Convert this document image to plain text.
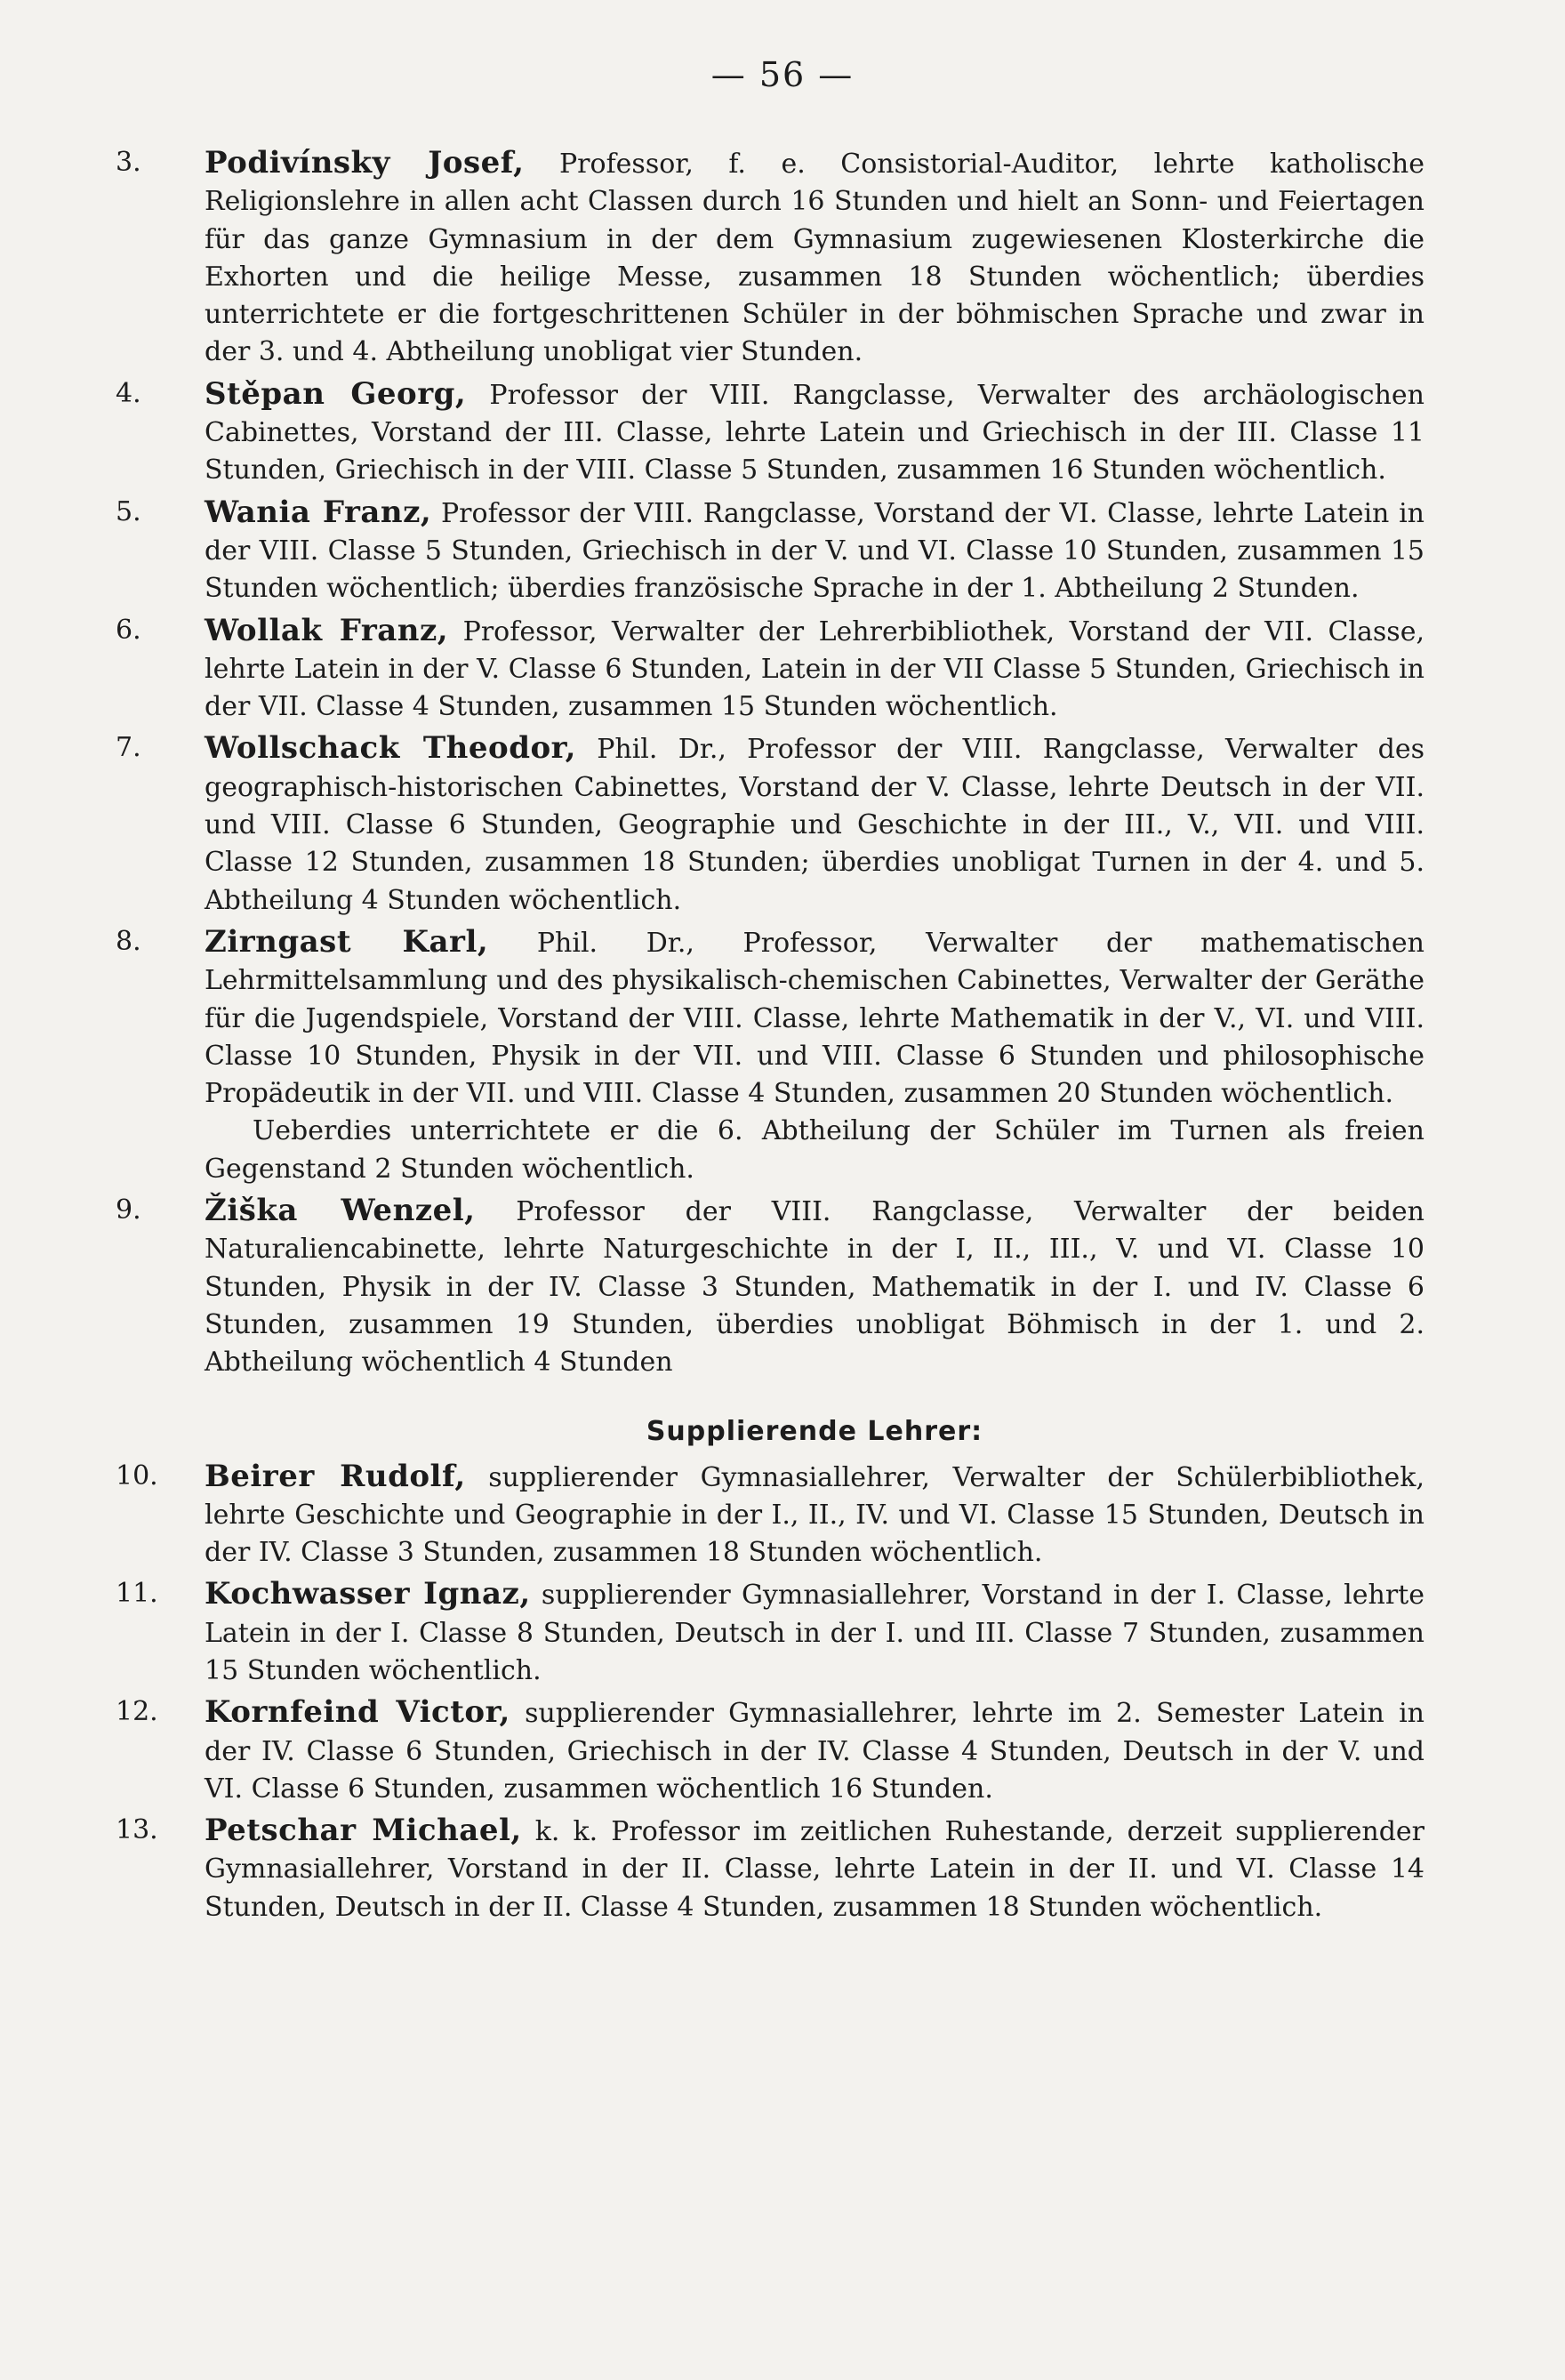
— 56 —
3.	Podivínsky Josef, Professor, f. e. Consistorial-Auditor, lehrte katholische Religionslehre in allen acht Classen durch 16 Stunden und hielt an Sonn- und Feiertagen für das ganze Gymnasium in der dem Gymnasium zugewiesenen Klosterkirche die Exhorten und die heilige Messe, zusammen 18 Stunden wöchentlich; überdies unterrichtete er die fortgeschrittenen Schüler in der böhmischen Sprache und zwar in der 3. und 4. Abtheilung unobligat vier Stunden.
4.	Stěpan Georg, Professor der VIII. Rangclasse, Verwalter des archäologischen Cabinettes, Vorstand der III. Classe, lehrte Latein und Griechisch in der III. Classe 11 Stunden, Griechisch in der VIII. Classe 5 Stunden, zusammen 16 Stunden wöchentlich.
5.	Wania Franz, Professor der VIII. Rangclasse, Vorstand der VI. Classe, lehrte Latein in der VIII. Classe 5 Stunden, Griechisch in der V. und VI. Classe 10 Stunden, zusammen 15 Stunden wöchentlich; überdies französische Sprache in der 1. Abtheilung 2 Stunden.
6.	Wollak Franz, Professor, Verwalter der Lehrerbibliothek, Vorstand der VII. Classe, lehrte Latein in der V. Classe 6 Stunden, Latein in der VII Classe 5 Stunden, Griechisch in der VII. Classe 4 Stunden, zusammen 15 Stunden wöchentlich.
7.	Wollschack Theodor, Phil. Dr., Professor der VIII. Rangclasse, Verwalter des geographisch-historischen Cabinettes, Vorstand der V. Classe, lehrte Deutsch in der VII. und VIII. Classe 6 Stunden, Geographie und Geschichte in der III., V., VII. und VIII. Classe 12 Stunden, zusammen 18 Stunden; überdies unobligat Turnen in der 4. und 5. Abtheilung 4 Stunden wöchentlich.
8.	Zirngast Karl, Phil. Dr., Professor, Verwalter der mathematischen Lehrmittelsammlung und des physikalisch-chemischen Cabinettes, Verwalter der Geräthe für die Jugendspiele, Vorstand der VIII. Classe, lehrte Mathematik in der V., VI. und VIII. Classe 10 Stunden, Physik in der VII. und VIII. Classe 6 Stunden und philosophische Propädeutik in der VII. und VIII. Classe 4 Stunden, zusammen 20 Stunden wöchentlich.
Ueberdies unterrichtete er die 6. Abtheilung der Schüler im Turnen als freien Gegenstand 2 Stunden wöchentlich.
9.	Žiška Wenzel, Professor der VIII. Rangclasse, Verwalter der beiden Naturaliencabinette, lehrte Naturgeschichte in der I, II., III., V. und VI. Classe 10 Stunden, Physik in der IV. Classe 3 Stunden, Mathematik in der I. und IV. Classe 6 Stunden, zusammen 19 Stunden, überdies unobligat Böhmisch in der 1. und 2. Abtheilung wöchentlich 4 Stunden
Supplierende Lehrer:
10.	Beirer Rudolf, supplierender Gymnasiallehrer, Verwalter der Schülerbibliothek, lehrte Geschichte und Geographie in der I., II., IV. und VI. Classe 15 Stunden, Deutsch in der IV. Classe 3 Stunden, zusammen 18 Stunden wöchentlich.
11.	Kochwasser Ignaz, supplierender Gymnasiallehrer, Vorstand in der I. Classe, lehrte Latein in der I. Classe 8 Stunden, Deutsch in der I. und III. Classe 7 Stunden, zusammen 15 Stunden wöchentlich.
12.	Kornfeind Victor, supplierender Gymnasiallehrer, lehrte im 2. Semester Latein in der IV. Classe 6 Stunden, Griechisch in der IV. Classe 4 Stunden, Deutsch in der V. und VI. Classe 6 Stunden, zusammen wöchentlich 16 Stunden.
13.	Petschar Michael, k. k. Professor im zeitlichen Ruhestande, derzeit supplierender Gymnasiallehrer, Vorstand in der II. Classe, lehrte Latein in der II. und VI. Classe 14 Stunden, Deutsch in der II. Classe 4 Stunden, zusammen 18 Stunden wöchentlich.
